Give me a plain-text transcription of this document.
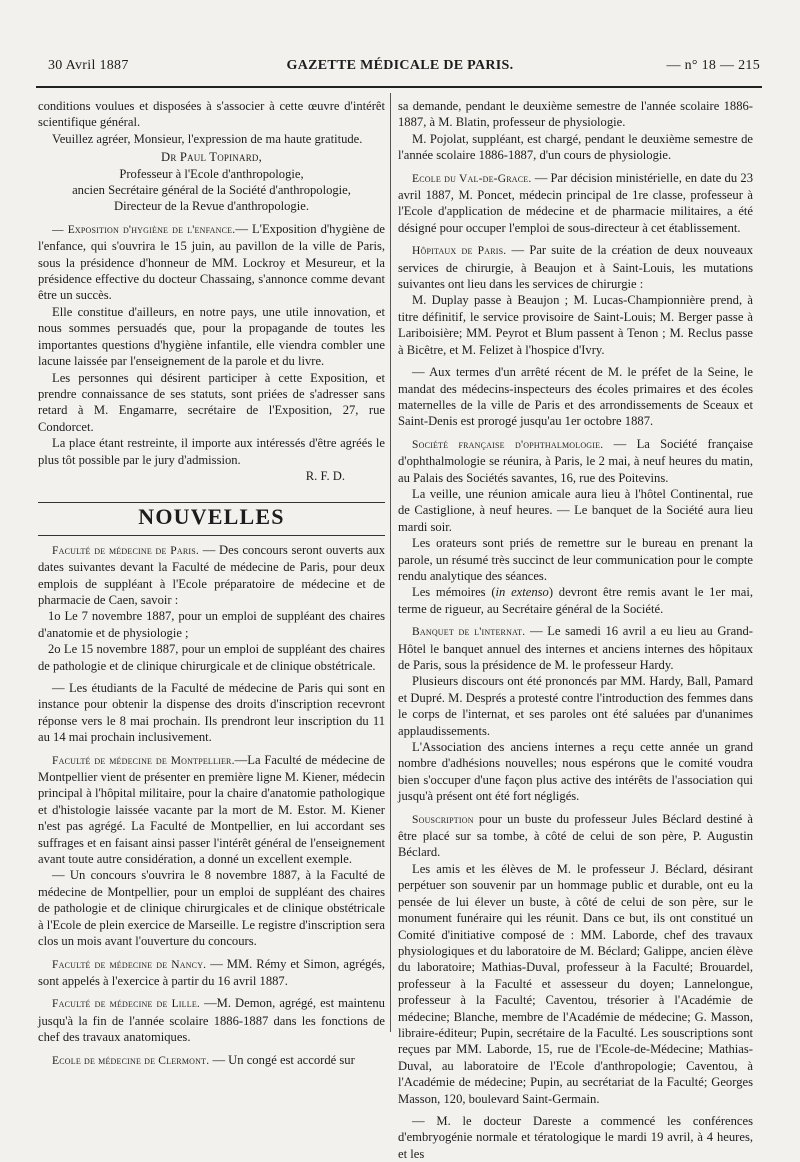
30 Avril 1887	GAZETTE MÉDICALE DE PARIS.	— n° 18 — 215

conditions voulues et disposées à s'associer à cette œuvre d'intérêt scientifique général.

Veuillez agréer, Monsieur, l'expression de ma haute gratitude.

Dr Paul Topinard,
Professeur à l'Ecole d'anthropologie,
ancien Secrétaire général de la Société d'anthropologie,
Directeur de la Revue d'anthropologie.

— Exposition d'hygiène de l'enfance.— L'Exposition d'hygiène de l'enfance, qui s'ouvrira le 15 juin, au pavillon de la ville de Paris, sous la présidence d'honneur de MM. Lockroy et Mesureur, et la présidence effective du docteur Chassaing, s'annonce comme devant être un succès.

Elle constitue d'ailleurs, en notre pays, une utile innovation, et nous sommes persuadés que, pour la propagande de toutes les importantes questions d'hygiène infantile, elle viendra combler une lacune laissée par l'enseignement de la parole et du livre.

Les personnes qui désirent participer à cette Exposition, et prendre connaissance de ses statuts, sont priées de s'adresser sans retard à M. Engamarre, secrétaire de l'Exposition, 27, rue Condorcet.

La place étant restreinte, il importe aux intéressés d'être agréés le plus tôt possible par le jury d'admission.

R. F. D.

NOUVELLES

Faculté de médecine de Paris. — Des concours seront ouverts aux dates suivantes devant la Faculté de médecine de Paris, pour deux emplois de suppléant à l'Ecole préparatoire de médecine et de pharmacie de Caen, savoir :

1o Le 7 novembre 1887, pour un emploi de suppléant des chaires d'anatomie et de physiologie ;

2o Le 15 novembre 1887, pour un emploi de suppléant des chaires de pathologie et de clinique chirurgicale et de clinique obstétricale.

— Les étudiants de la Faculté de médecine de Paris qui sont en instance pour obtenir la dispense des droits d'inscription recevront réponse vers le 8 mai prochain. Ils prendront leur inscription du 11 au 14 mai prochain inclusivement.

Faculté de médecine de Montpellier.—La Faculté de médecine de Montpellier vient de présenter en première ligne M. Kiener, médecin principal à l'hôpital militaire, pour la chaire d'anatomie pathologique et d'histologie laissée vacante par la mort de M. Estor. M. Kiener n'est pas agrégé. La Faculté de Montpellier, en lui accordant ses suffrages et en faisant ainsi passer l'intérêt général de l'enseignement avant toute autre considération, a donné un excellent exemple.

— Un concours s'ouvrira le 8 novembre 1887, à la Faculté de médecine de Montpellier, pour un emploi de suppléant des chaires de pathologie et de clinique chirurgicales et de clinique obstétricale à l'Ecole de plein exercice de Marseille. Le registre d'inscription sera clos un mois avant l'ouverture du concours.

Faculté de médecine de Nancy. — MM. Rémy et Simon, agrégés, sont appelés à l'exercice à partir du 16 avril 1887.

Faculté de médecine de Lille. —M. Demon, agrégé, est maintenu jusqu'à la fin de l'année scolaire 1886-1887 dans les fonctions de chef des travaux anatomiques.

Ecole de médecine de Clermont. — Un congé est accordé sur

sa demande, pendant le deuxième semestre de l'année scolaire 1886-1887, à M. Blatin, professeur de physiologie.

M. Pojolat, suppléant, est chargé, pendant le deuxième semestre de l'année scolaire 1886-1887, d'un cours de physiologie.

Ecole du Val-de-Grace. — Par décision ministérielle, en date du 23 avril 1887, M. Poncet, médecin principal de 1re classe, professeur à l'Ecole d'application de médecine et de pharmacie militaires, a été désigné pour occuper l'emploi de sous-directeur à cet établissement.

Hôpitaux de Paris. — Par suite de la création de deux nouveaux services de chirurgie, à Beaujon et à Saint-Louis, les mutations suivantes ont lieu dans les services de chirurgie :

M. Duplay passe à Beaujon ; M. Lucas-Championnière prend, à titre définitif, le service provisoire de Saint-Louis; M. Berger passe à Lariboisière; MM. Peyrot et Blum passent à Tenon ; M. Reclus passe à Bicêtre, et M. Felizet à l'hospice d'Ivry.

— Aux termes d'un arrêté récent de M. le préfet de la Seine, le mandat des médecins-inspecteurs des écoles primaires et des écoles maternelles de la ville de Paris et des arrondissements de Sceaux et Saint-Denis est prorogé jusqu'au 1er octobre 1887.

Société française d'ophthalmologie. — La Société française d'ophthalmologie se réunira, à Paris, le 2 mai, à neuf heures du matin, au Palais des Sociétés savantes, 16, rue des Poitevins.

La veille, une réunion amicale aura lieu à l'hôtel Continental, rue de Castiglione, à neuf heures. — Le banquet de la Société aura lieu mardi soir.

Les orateurs sont priés de remettre sur le bureau en prenant la parole, un résumé très succinct de leur communication pour le compte rendu analytique des séances.

Les mémoires (in extenso) devront être remis avant le 1er mai, terme de rigueur, au Secrétaire général de la Société.

Banquet de l'internat. — Le samedi 16 avril a eu lieu au Grand-Hôtel le banquet annuel des internes et anciens internes des hôpitaux de Paris, sous la présidence de M. le professeur Hardy.

Plusieurs discours ont été prononcés par MM. Hardy, Ball, Pamard et Dupré. M. Després a protesté contre l'introduction des femmes dans le corps de l'internat, et ses paroles ont été saluées par d'unanimes applaudissements.

L'Association des anciens internes a reçu cette année un grand nombre d'adhésions nouvelles; nous espérons que le comité voudra bien s'occuper d'une façon plus active des intérêts de l'association qui jusqu'à présent ont été fort négligés.

Souscription pour un buste du professeur Jules Béclard destiné à être placé sur sa tombe, à côté de celui de son père, P. Augustin Béclard.

Les amis et les élèves de M. le professeur J. Béclard, désirant perpétuer son souvenir par un hommage public et durable, ont eu la pensée de lui élever un buste, à côté de celui de son père, sur le monument funéraire qui les réunit. Dans ce but, ils ont constitué un Comité d'initiative composé de : MM. Laborde, chef des travaux physiologiques et du laboratoire de M. Béclard; Galippe, ancien élève du laboratoire; Mathias-Duval, professeur à la Faculté; Brouardel, professeur à la Faculté et assesseur du doyen; Lannelongue, professeur à la Faculté; Caventou, trésorier à l'Académie de médecine; Blanche, membre de l'Académie de médecine; G. Masson, libraire-éditeur; Pupin, secrétaire de la Faculté. Les souscriptions sont reçues par MM. Laborde, 15, rue de l'Ecole-de-Médecine; Mathias-Duval, au laboratoire de l'Ecole d'anthropologie; Caventou, à l'Académie de médecine; Pupin, au secrétariat de la Faculté; Georges Masson, 120, boulevard Saint-Germain.

— M. le docteur Dareste a commencé les conférences d'embryogénie normale et tératologique le mardi 19 avril, à 4 heures, et les
